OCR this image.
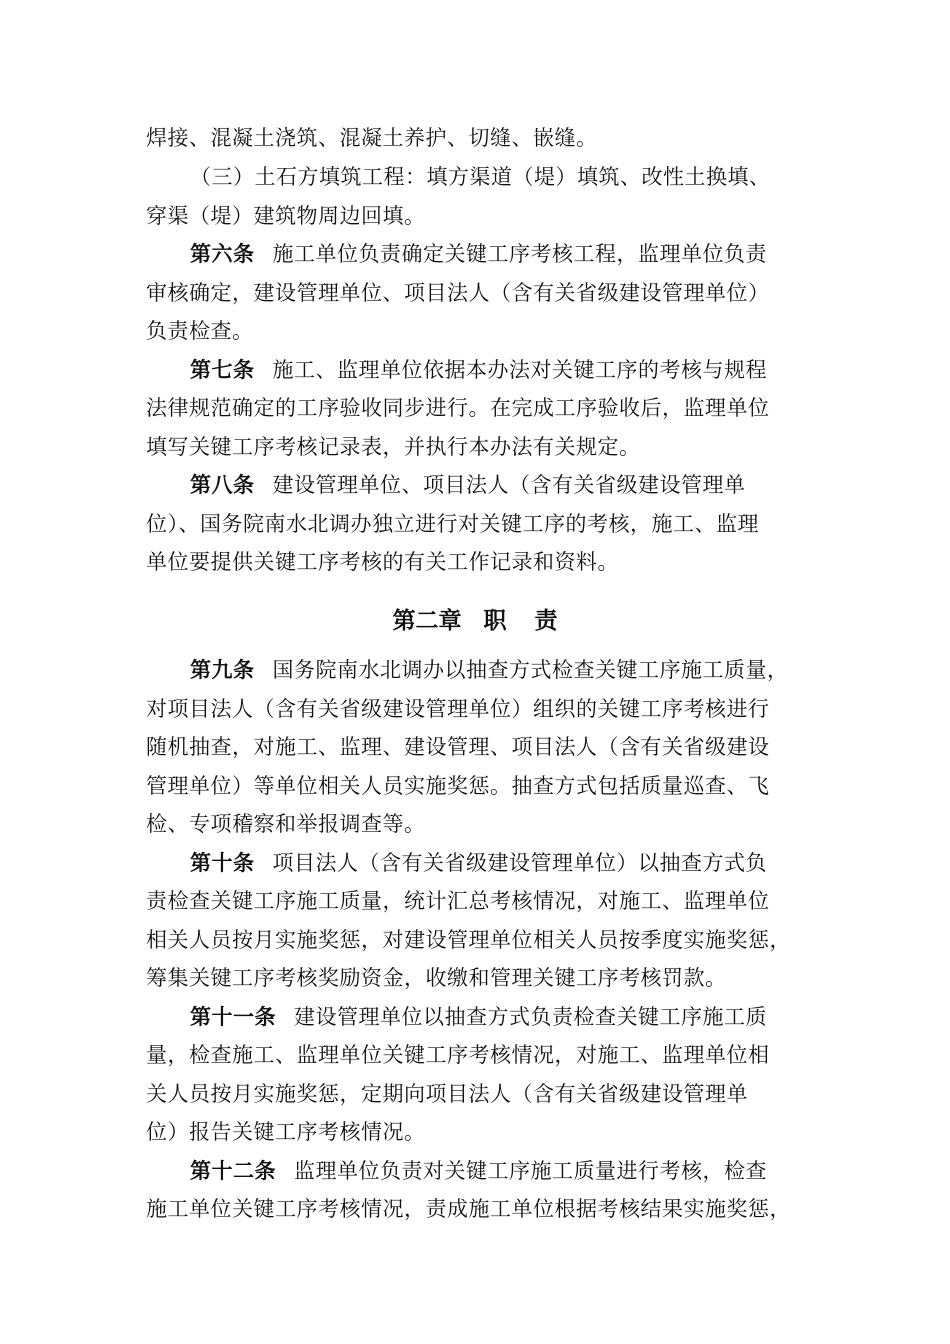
焊接、混凝土浇筑、混凝土养护、切缝、嵌缝。
（三）土石方填筑工程：填方渠道（堤）填筑、改性土换填、
穿渠（堤）建筑物周边回填。
第六条 施工单位负责确定关键工序考核工程，监理单位负责
审核确定，建设管理单位、项目法人（含有关省级建设管理单位）
负责检查。
第七条 施工、监理单位依据本办法对关键工序的考核与规程
法律规范确定的工序验收同步进行。在完成工序验收后，监理单位
填写关键工序考核记录表，并执行本办法有关规定。
第八条 建设管理单位、项目法人（含有关省级建设管理单
位）、国务院南水北调办独立进行对关键工序的考核，施工、监理
单位要提供关键工序考核的有关工作记录和资料。
第二章 职 责
第九条 国务院南水北调办以抽查方式检查关键工序施工质量，
对项目法人（含有关省级建设管理单位）组织的关键工序考核进行
随机抽查，对施工、监理、建设管理、项目法人（含有关省级建设
管理单位）等单位相关人员实施奖惩。抽查方式包括质量巡查、飞
检、专项稽察和举报调查等。
第十条 项目法人（含有关省级建设管理单位）以抽查方式负
责检查关键工序施工质量，统计汇总考核情况，对施工、监理单位
相关人员按月实施奖惩，对建设管理单位相关人员按季度实施奖惩，
筹集关键工序考核奖励资金，收缴和管理关键工序考核罚款。
第十一条 建设管理单位以抽查方式负责检查关键工序施工质
量，检查施工、监理单位关键工序考核情况，对施工、监理单位相
关人员按月实施奖惩，定期向项目法人（含有关省级建设管理单
位）报告关键工序考核情况。
第十二条 监理单位负责对关键工序施工质量进行考核，检查
施工单位关键工序考核情况，责成施工单位根据考核结果实施奖惩，
